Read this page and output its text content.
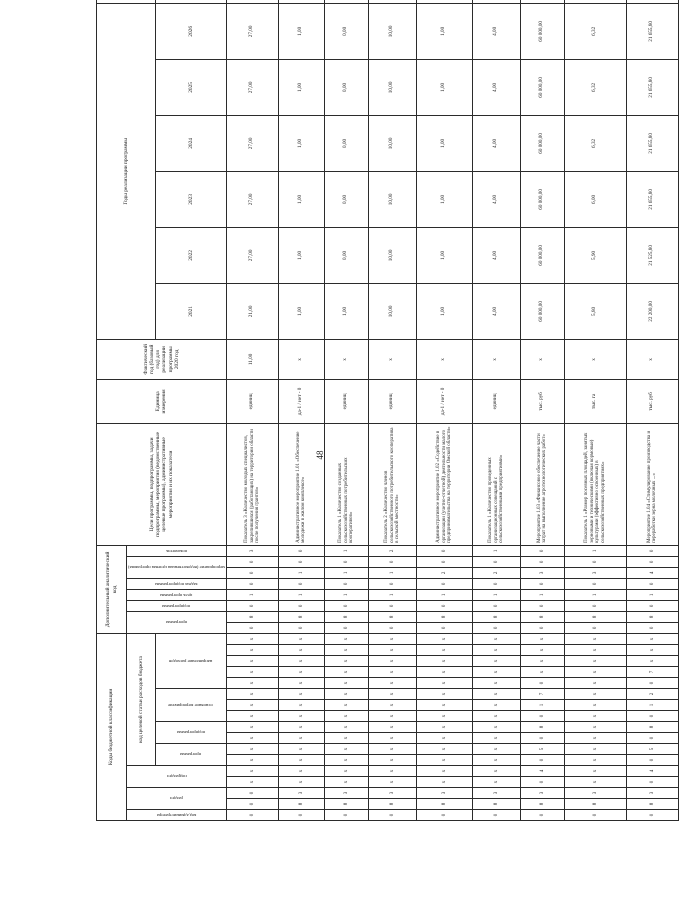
48
Коды бюджетной классификации																	Дополнительный аналитический код								Цели программы, подпрограммы, задачи подпрограммы, мероприятия (ведомственные целевые программы), административные мероприятия и их показатели	Единица измерения	Фактический год (базовый год) для реализации программы 2020 год	Годы реализации программы	

код администратора	раздел		подраздел		код целевой статьи расходов бюджета												программа		подпрограмма	цель программы	задача подпрограммы	мероприятие (ведомственная целевая программа)		показатель										

					программа		подпрограмма		основное мероприятие			направление расходов																2021	2022	2023	2024	2025	2026	
0	0	0	x	x	x	x	x	x	x	x	x	x	x	x	x	x	0	8	0	1	0	0	0	3	Показатель 3 «Количество молодых специалистов, закрепившихся (работающих) на территории области после получения грантов»	единиц	11,00	21,00	27,00	27,00	27,00	27,00	27,00	
0	8	3	x	x	x	x	x	x	x	x	x	x	x	x	x	x	0	8	0	1	0	1	0	0	Административное мероприятие 1.01 «Обеспечение молодежи в жилом комплексе»	да-1 / нет - 0	x	1,00	1,00	1,00	1,00	1,00	1,00	
0	8	3	x	x	x	x	x	x	x	x	x	x	x	x	x	x	0	8	0	1	0	1	0	1	Показатель 1 «Количество созданных сельскохозяйственных потребительских кооперативов»	единиц	x	1,00	0,00	0,00	0,00	0,00	0,00	
0	8	3	x	x	x	x	x	x	x	x	x	x	x	x	x	x	0	8	0	1	0	1	0	2	Показатель 2 «Количество членов сельскохозяйственного потребительского кооператива в сельской местности»	единиц	x	10,00	10,00	10,00	10,00	10,00	10,00	
0	8	3	x	x	x	x	x	x	x	x	x	x	x	x	x	x	0	8	0	1	0	2	0	0	Административное мероприятие 1.02 «Содействие в организации (учетно-отчетной) деятельности малого предпринимательства на территории Омской области»	да-1 / нет - 0	x	1,00	1,00	1,00	1,00	1,00	1,00	
0	8	3	x	x	x	x	x	x	x	x	x	x	x	x	x	x	0	8	0	1	0	2	0	1	Показатель 1 «Количество проведенных организационных совещаний с сельскохозяйственными предприятиями»	единиц	x	4,00	4,00	4,00	4,00	4,00	4,00	
0	8	3	0	4	0	5	0	8	0	1	7	0	x	x	x	x	0	8	0	1	0	3	0	0	Мероприятие 1.03 «Финансовое обеспечение части затрат на выполнение агротехнологических работ»	тыс. руб	x	60 000,00	60 000,00	60 000,00	60 000,00	60 000,00	60 000,00	
0	8	3	x	x	x	x	x	x	x	x	x	x	x	x	x	x	0	8	0	1	0	3	0	1	Показатель 1 «Размер посевных площадей, занятых зерновыми и техническими (включая кормовые) культурами (эффективно освоенных) в сельскохозяйственных предприятиях»	тыс. га	x	5,80	5,90	6,00	6,32	6,32	6,32	
0	8	3	0	4	0	5	0	8	0	1	2	0	7	x	x	x	0	8	0	1	0	4	0	0	Мероприятие 1.04 «Стимулирование производства и переработки зерна молочных ...»	тыс. руб	x	22 200,00	21 525,80	21 655,80	21 655,80	21 655,80	21 655,80	
